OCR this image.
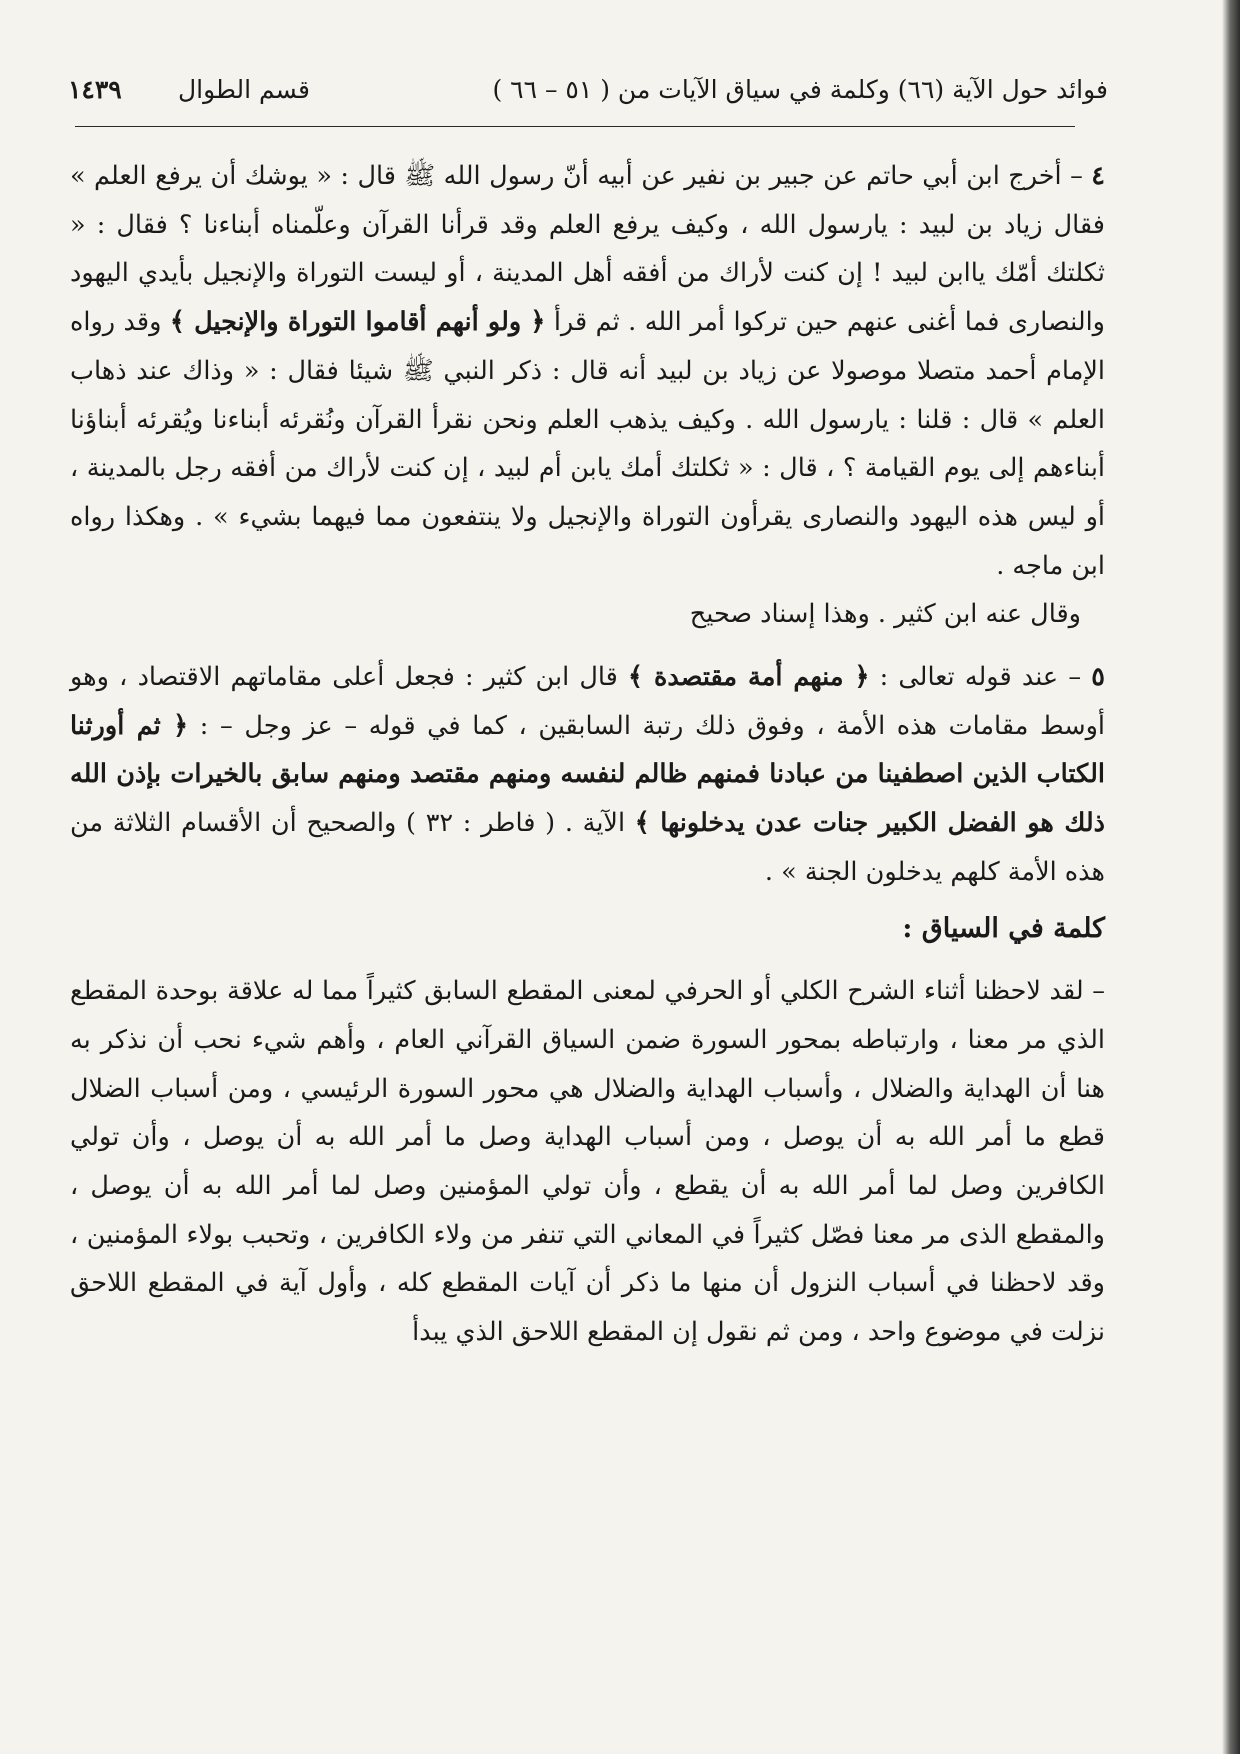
فوائد حول الآية (٦٦) وكلمة في سياق الآيات من ( ٥١ – ٦٦ )
قسم الطوال
١٤٣٩

٤ – أخرج ابن أبي حاتم عن جبير بن نفير عن أبيه أنّ رسول الله ﷺ قال : « يوشك أن يرفع العلم » فقال زياد بن لبيد : يارسول الله ، وكيف يرفع العلم وقد قرأنا القرآن وعلّمناه أبناءنا ؟ فقال : « ثكلتك أمّك ياابن لبيد ! إن كنت لأراك من أفقه أهل المدينة ، أو ليست التوراة والإنجيل بأيدي اليهود والنصارى فما أغنى عنهم حين تركوا أمر الله . ثم قرأ ﴿ ولو أنهم أقاموا التوراة والإنجيل ﴾ وقد رواه الإمام أحمد متصلا موصولا عن زياد بن لبيد أنه قال : ذكر النبي ﷺ شيئا فقال : « وذاك عند ذهاب العلم » قال : قلنا : يارسول الله . وكيف يذهب العلم ونحن نقرأ القرآن ونُقرئه أبناءنا ويُقرئه أبناؤنا أبناءهم إلى يوم القيامة ؟ ، قال : « ثكلتك أمك يابن أم لبيد ، إن كنت لأراك من أفقه رجل بالمدينة ، أو ليس هذه اليهود والنصارى يقرأون التوراة والإنجيل ولا ينتفعون مما فيهما بشيء » . وهكذا رواه ابن ماجه .

وقال عنه ابن كثير . وهذا إسناد صحيح

٥ – عند قوله تعالى : ﴿ منهم أمة مقتصدة ﴾ قال ابن كثير : فجعل أعلى مقاماتهم الاقتصاد ، وهو أوسط مقامات هذه الأمة ، وفوق ذلك رتبة السابقين ، كما في قوله – عز وجل – : ﴿ ثم أورثنا الكتاب الذين اصطفينا من عبادنا فمنهم ظالم لنفسه ومنهم مقتصد ومنهم سابق بالخيرات بإذن الله ذلك هو الفضل الكبير جنات عدن يدخلونها ﴾ الآية . ( فاطر : ٣٢ ) والصحيح أن الأقسام الثلاثة من هذه الأمة كلهم يدخلون الجنة » .

كلمة في السياق :

– لقد لاحظنا أثناء الشرح الكلي أو الحرفي لمعنى المقطع السابق كثيراً مما له علاقة بوحدة المقطع الذي مر معنا ، وارتباطه بمحور السورة ضمن السياق القرآني العام ، وأهم شيء نحب أن نذكر به هنا أن الهداية والضلال ، وأسباب الهداية والضلال هي محور السورة الرئيسي ، ومن أسباب الضلال قطع ما أمر الله به أن يوصل ، ومن أسباب الهداية وصل ما أمر الله به أن يوصل ، وأن تولي الكافرين وصل لما أمر الله به أن يقطع ، وأن تولي المؤمنين وصل لما أمر الله به أن يوصل ، والمقطع الذى مر معنا فصّل كثيراً في المعاني التي تنفر من ولاء الكافرين ، وتحبب بولاء المؤمنين ، وقد لاحظنا في أسباب النزول أن منها ما ذكر أن آيات المقطع كله ، وأول آية في المقطع اللاحق نزلت في موضوع واحد ، ومن ثم نقول إن المقطع اللاحق الذي يبدأ
